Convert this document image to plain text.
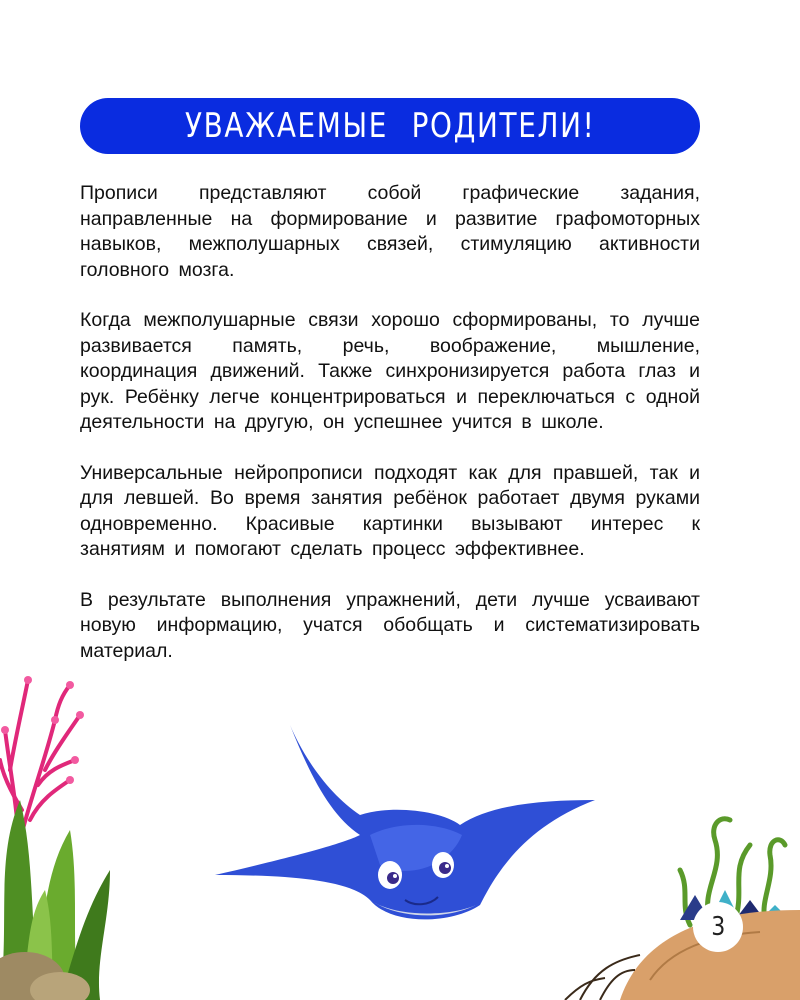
УВАЖАЕМЫЕ РОДИТЕЛИ!

Прописи представляют собой графические задания, направленные на формирование и развитие графомоторных навыков, межполушарных связей, стимуляцию активности головного мозга.

Когда межполушарные связи хорошо сформированы, то лучше развивается память, речь, воображение, мышление, координация движений. Также синхронизируется работа глаз и рук. Ребёнку легче концентрироваться и переключаться с одной деятельности на другую, он успешнее учится в школе.

Универсальные нейропрописи подходят как для правшей, так и для левшей. Во время занятия ребёнок работает двумя руками одновременно. Красивые картинки вызывают интерес к занятиям и помогают сделать процесс эффективнее.

В результате выполнения упражнений, дети лучше усваивают новую информацию, учатся обобщать и систематизировать материал.

3
